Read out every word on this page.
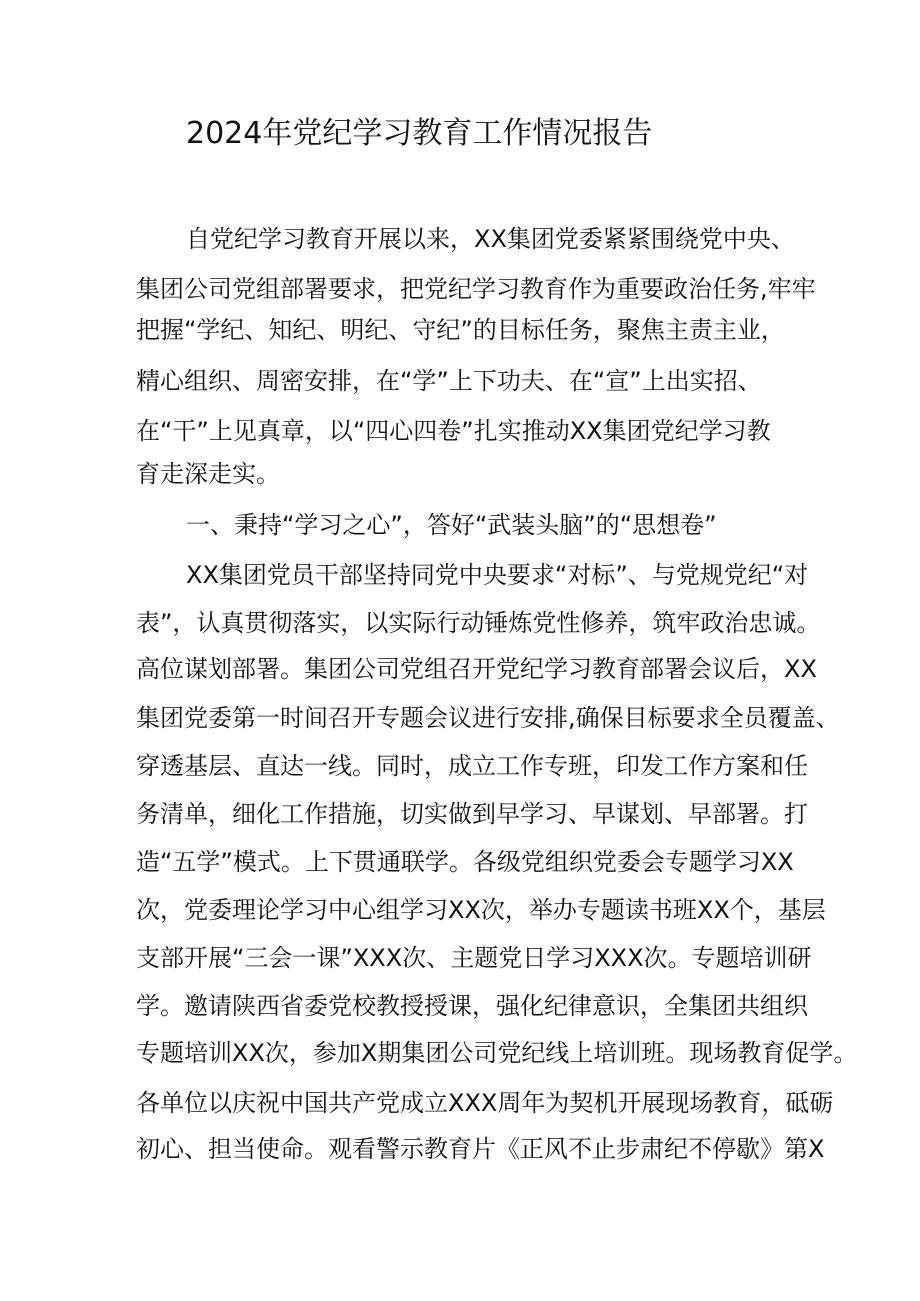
2024年党纪学习教育工作情况报告
自党纪学习教育开展以来，XX集团党委紧紧围绕党中央、
集团公司党组部署要求，把党纪学习教育作为重要政治任务,牢牢
把握“学纪、知纪、明纪、守纪”的目标任务，聚焦主责主业，
精心组织、周密安排，在“学”上下功夫、在“宣”上出实招、
在“干”上见真章，以“四心四卷”扎实推动XX集团党纪学习教
育走深走实。
一、秉持“学习之心”，答好“武装头脑”的“思想卷”
XX集团党员干部坚持同党中央要求“对标”、与党规党纪“对
表”，认真贯彻落实，以实际行动锤炼党性修养，筑牢政治忠诚。
高位谋划部署。集团公司党组召开党纪学习教育部署会议后，XX
集团党委第一时间召开专题会议进行安排,确保目标要求全员覆盖、
穿透基层、直达一线。同时，成立工作专班，印发工作方案和任
务清单，细化工作措施，切实做到早学习、早谋划、早部署。打
造“五学”模式。上下贯通联学。各级党组织党委会专题学习XX
次，党委理论学习中心组学习XX次，举办专题读书班XX个，基层
支部开展“三会一课”XXX次、主题党日学习XXX次。专题培训研
学。邀请陕西省委党校教授授课，强化纪律意识，全集团共组织
专题培训XX次，参加X期集团公司党纪线上培训班。现场教育促学。
各单位以庆祝中国共产党成立XXX周年为契机开展现场教育，砥砺
初心、担当使命。观看警示教育片《正风不止步肃纪不停歇》第X
